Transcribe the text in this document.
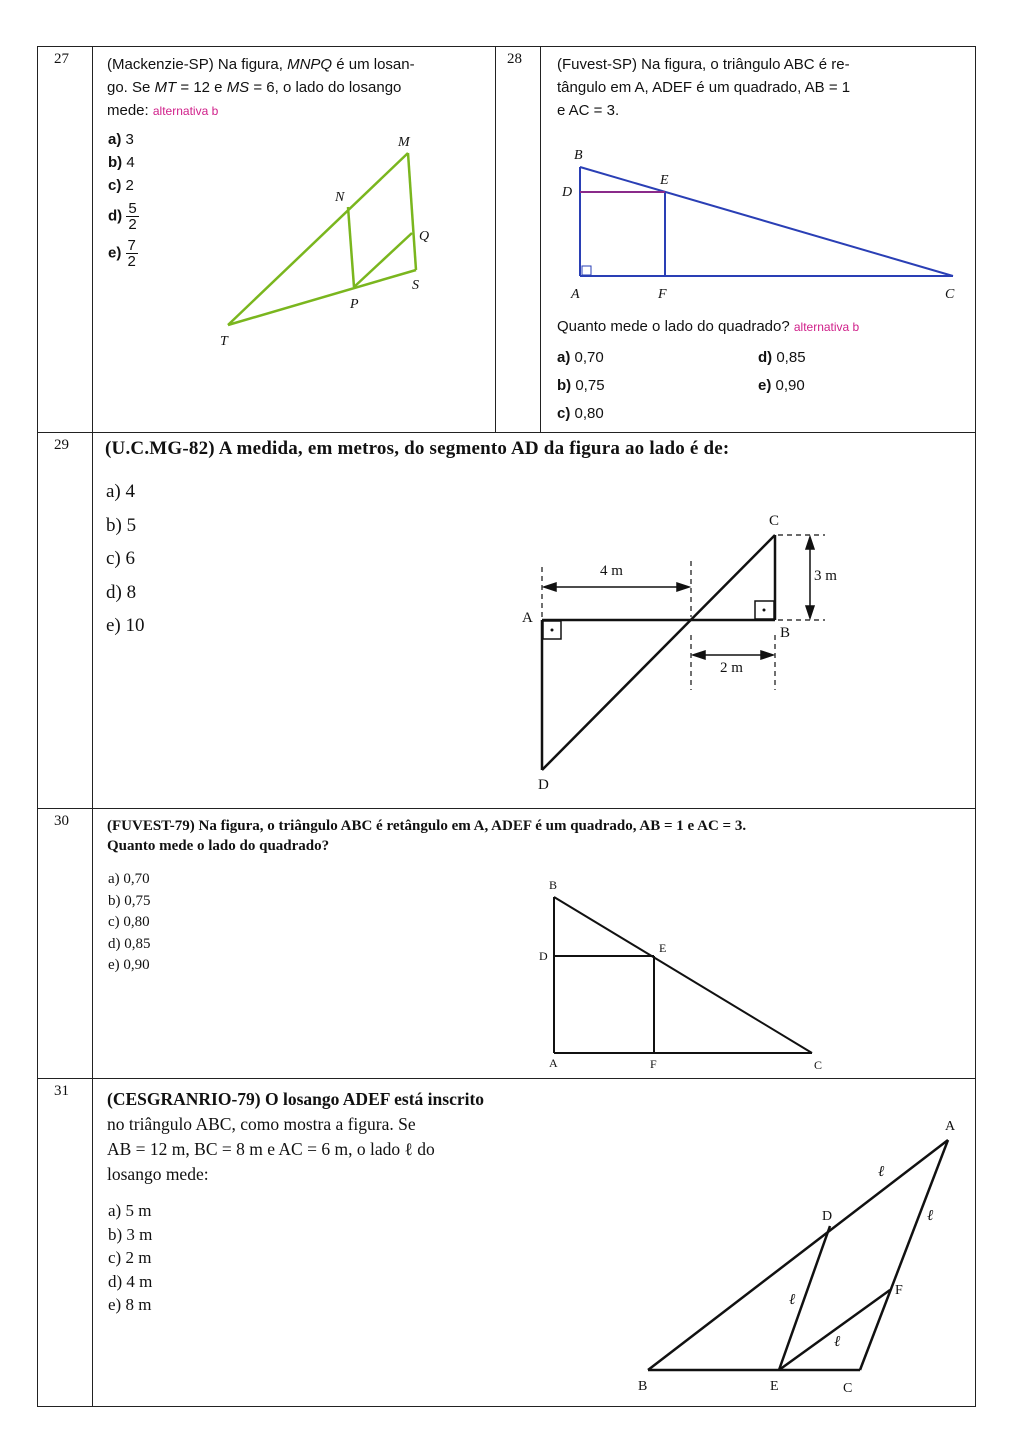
27	(Mackenzie-SP) Na figura, MNPQ é um losan-
go. Se MT = 12 e MS = 6, o lado do losango
mede: alternativa b
a) 3
b) 4
c) 2
$d) \frac{5}{2}$
$e) \frac{7}{2}$
M
N
Q
S
P
T
28 (Fuvest-SP) Na figura, o triângulo ABC é re-
tângulo em A, ADEF é um quadrado, AB = 1
e AC = 3.
B
D
E
A	F	C
Quanto mede o lado do quadrado? alternativa b
a) 0,70
b) 0,75
c) 0,80
d) 0,85
e) 0,90
29 (U.C.MG-82) A medida, em metros, do segmento AD da figura ao lado é de:
a) 4
b) 5
c) 6
d) 8
e) 10
4 m	3 m
2 m
C
A
B
D
30	(FUVEST-79) Na figura, o triângulo ABC é retângulo em A, ADEF é um quadrado, AB = 1 e AC = 3.
Quanto mede o lado do quadrado?
a) 0,70
b) 0,75
c) 0,80
d) 0,85
e) 0,90
B
D
E
A	F	C
31 (CESGRANRIO-79) O losango ADEF está inscrito
no triângulo ABC, como mostra a figura. Se
AB = 12 m, BC = 8 m e AC = 6 m, o lado ℓ do
losango mede:
a) 5 m
b) 3 m
c) 2 m
d) 4 m
e) 8 m
A
D
F
B	E	C
ℓ
ℓ
ℓ
ℓ
